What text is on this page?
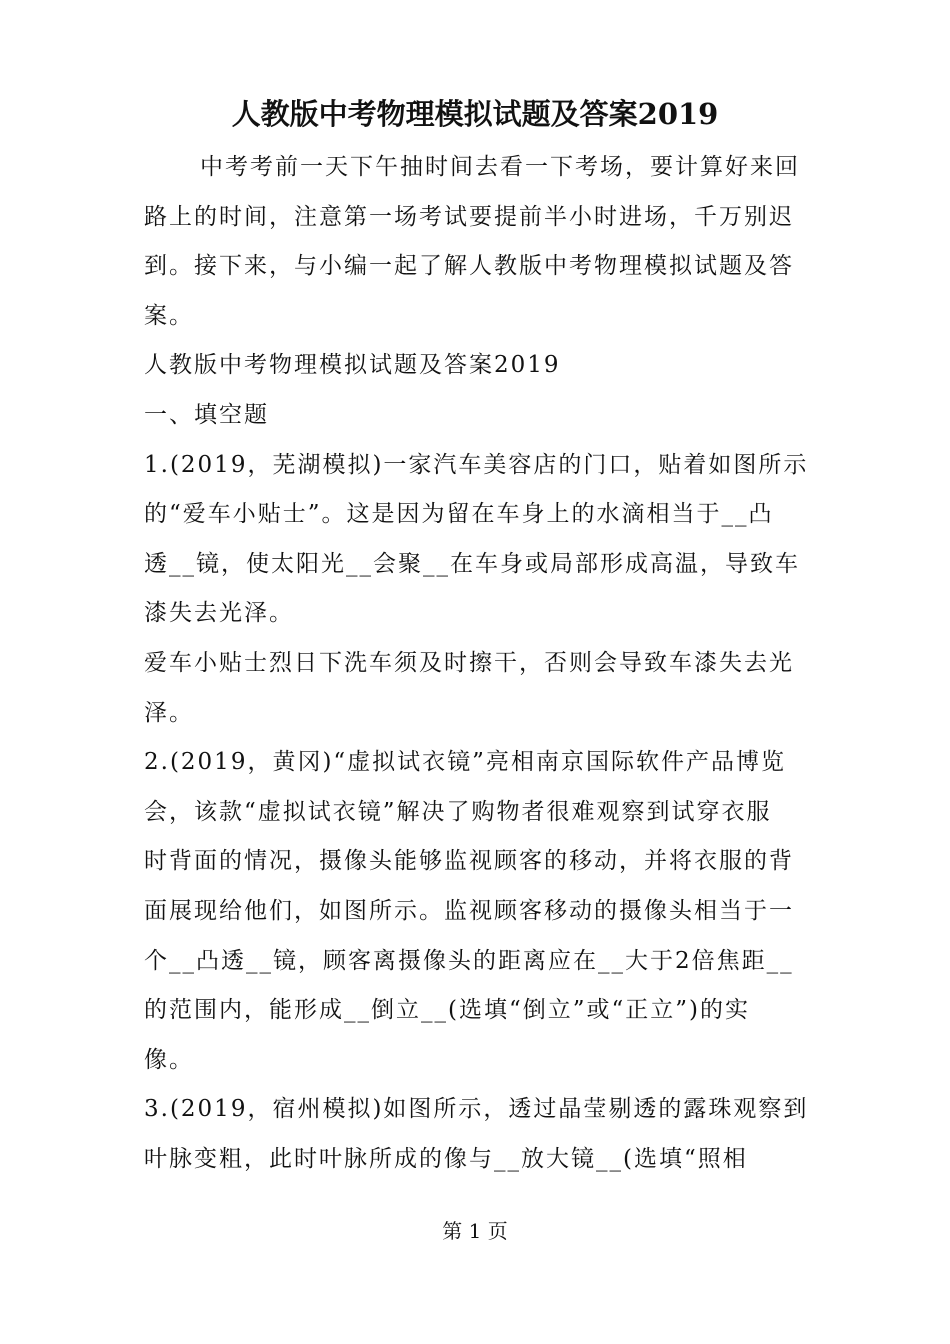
人教版中考物理模拟试题及答案2019

中考考前一天下午抽时间去看一下考场，要计算好来回

路上的时间，注意第一场考试要提前半小时进场，千万别迟

到。接下来，与小编一起了解人教版中考物理模拟试题及答

案。

人教版中考物理模拟试题及答案2019

一、填空题

1.(2019，芜湖模拟)一家汽车美容店的门口，贴着如图所示

的“爱车小贴士”。这是因为留在车身上的水滴相当于__凸

透__镜，使太阳光__会聚__在车身或局部形成高温，导致车

漆失去光泽。

爱车小贴士烈日下洗车须及时擦干，否则会导致车漆失去光

泽。

2.(2019，黄冈)“虚拟试衣镜”亮相南京国际软件产品博览

会，该款“虚拟试衣镜”解决了购物者很难观察到试穿衣服

时背面的情况，摄像头能够监视顾客的移动，并将衣服的背

面展现给他们，如图所示。监视顾客移动的摄像头相当于一

个__凸透__镜，顾客离摄像头的距离应在__大于2倍焦距__

的范围内，能形成__倒立__(选填“倒立”或“正立”)的实

像。

3.(2019，宿州模拟)如图所示，透过晶莹剔透的露珠观察到

叶脉变粗，此时叶脉所成的像与__放大镜__(选填“照相

第 1 页
